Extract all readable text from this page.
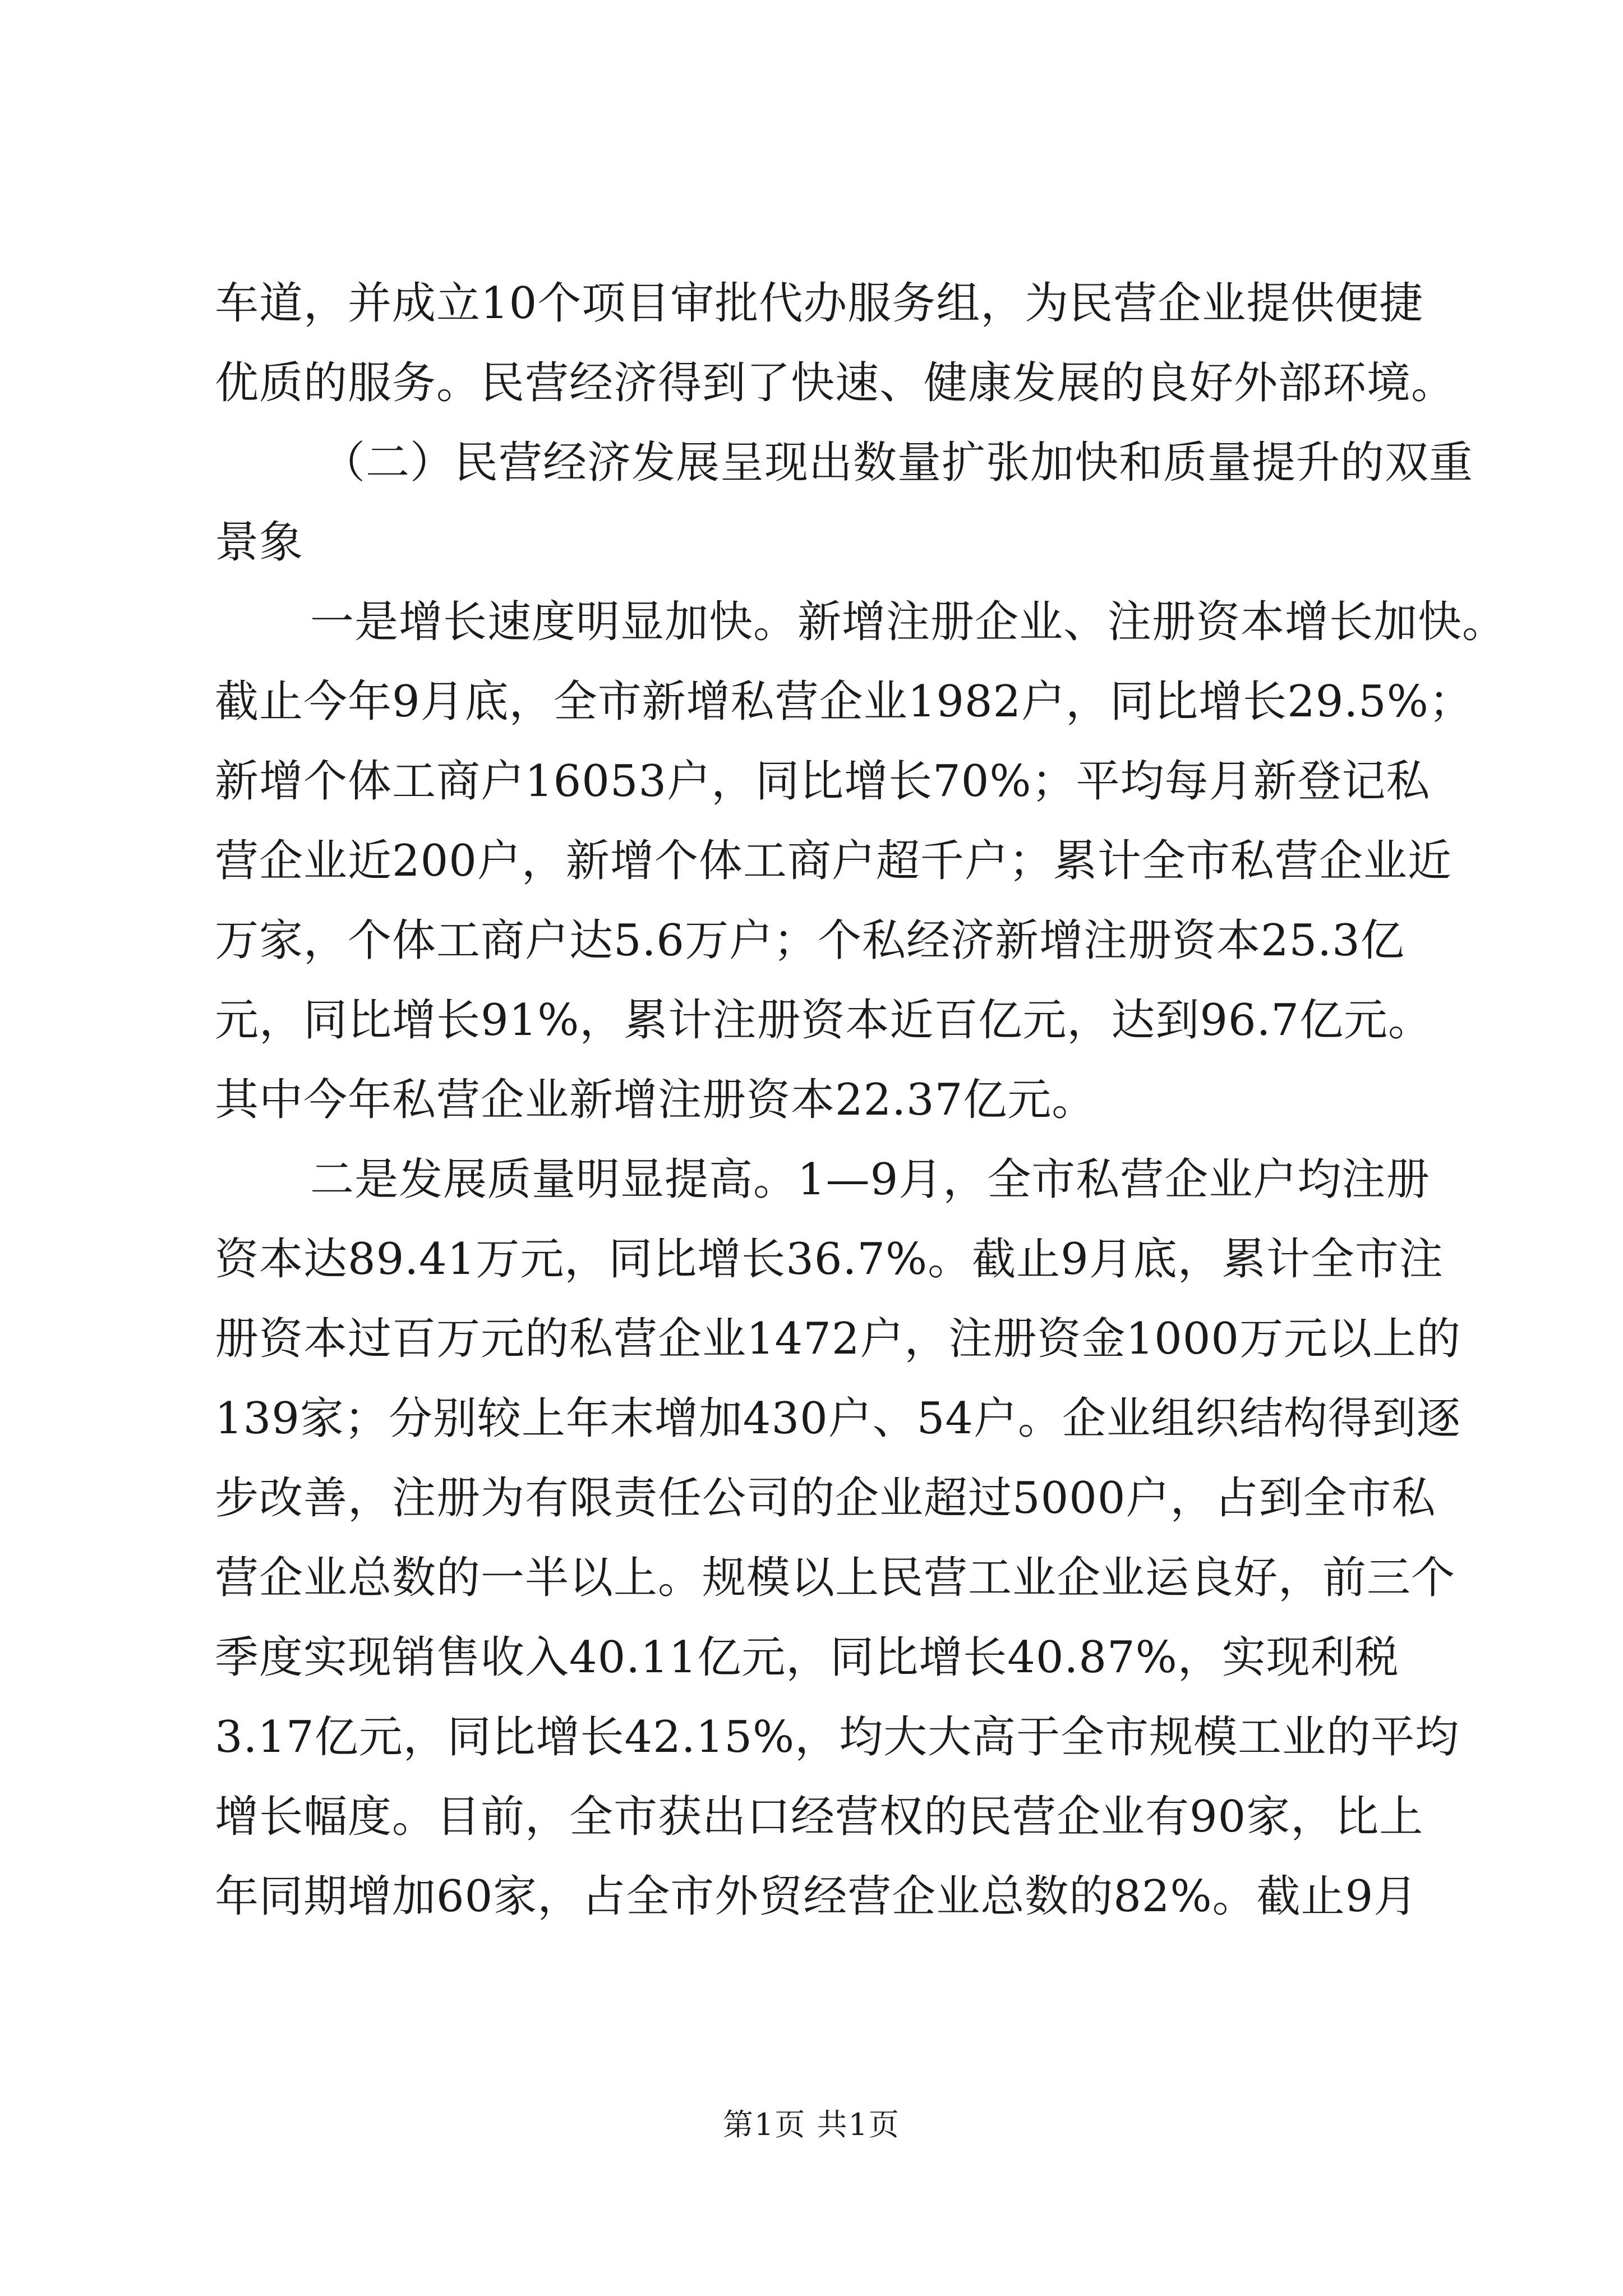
车道，并成立10个项目审批代办服务组，为民营企业提供便捷
优质的服务。民营经济得到了快速、健康发展的良好外部环境。
（二）民营经济发展呈现出数量扩张加快和质量提升的双重
景象
一是增长速度明显加快。新增注册企业、注册资本增长加快。
截止今年9月底，全市新增私营企业1982户，同比增长29.5%；
新增个体工商户16053户，同比增长70%；平均每月新登记私
营企业近200户，新增个体工商户超千户；累计全市私营企业近
万家，个体工商户达5.6万户；个私经济新增注册资本25.3亿
元，同比增长91%，累计注册资本近百亿元，达到96.7亿元。
其中今年私营企业新增注册资本22.37亿元。
二是发展质量明显提高。1—9月，全市私营企业户均注册
资本达89.41万元，同比增长36.7%。截止9月底，累计全市注
册资本过百万元的私营企业1472户，注册资金1000万元以上的
139家；分别较上年末增加430户、54户。企业组织结构得到逐
步改善，注册为有限责任公司的企业超过5000户，占到全市私
营企业总数的一半以上。规模以上民营工业企业运良好，前三个
季度实现销售收入40.11亿元，同比增长40.87%，实现利税
3.17亿元，同比增长42.15%，均大大高于全市规模工业的平均
增长幅度。目前，全市获出口经营权的民营企业有90家，比上
年同期增加60家，占全市外贸经营企业总数的82%。截止9月
第1页 共1页
